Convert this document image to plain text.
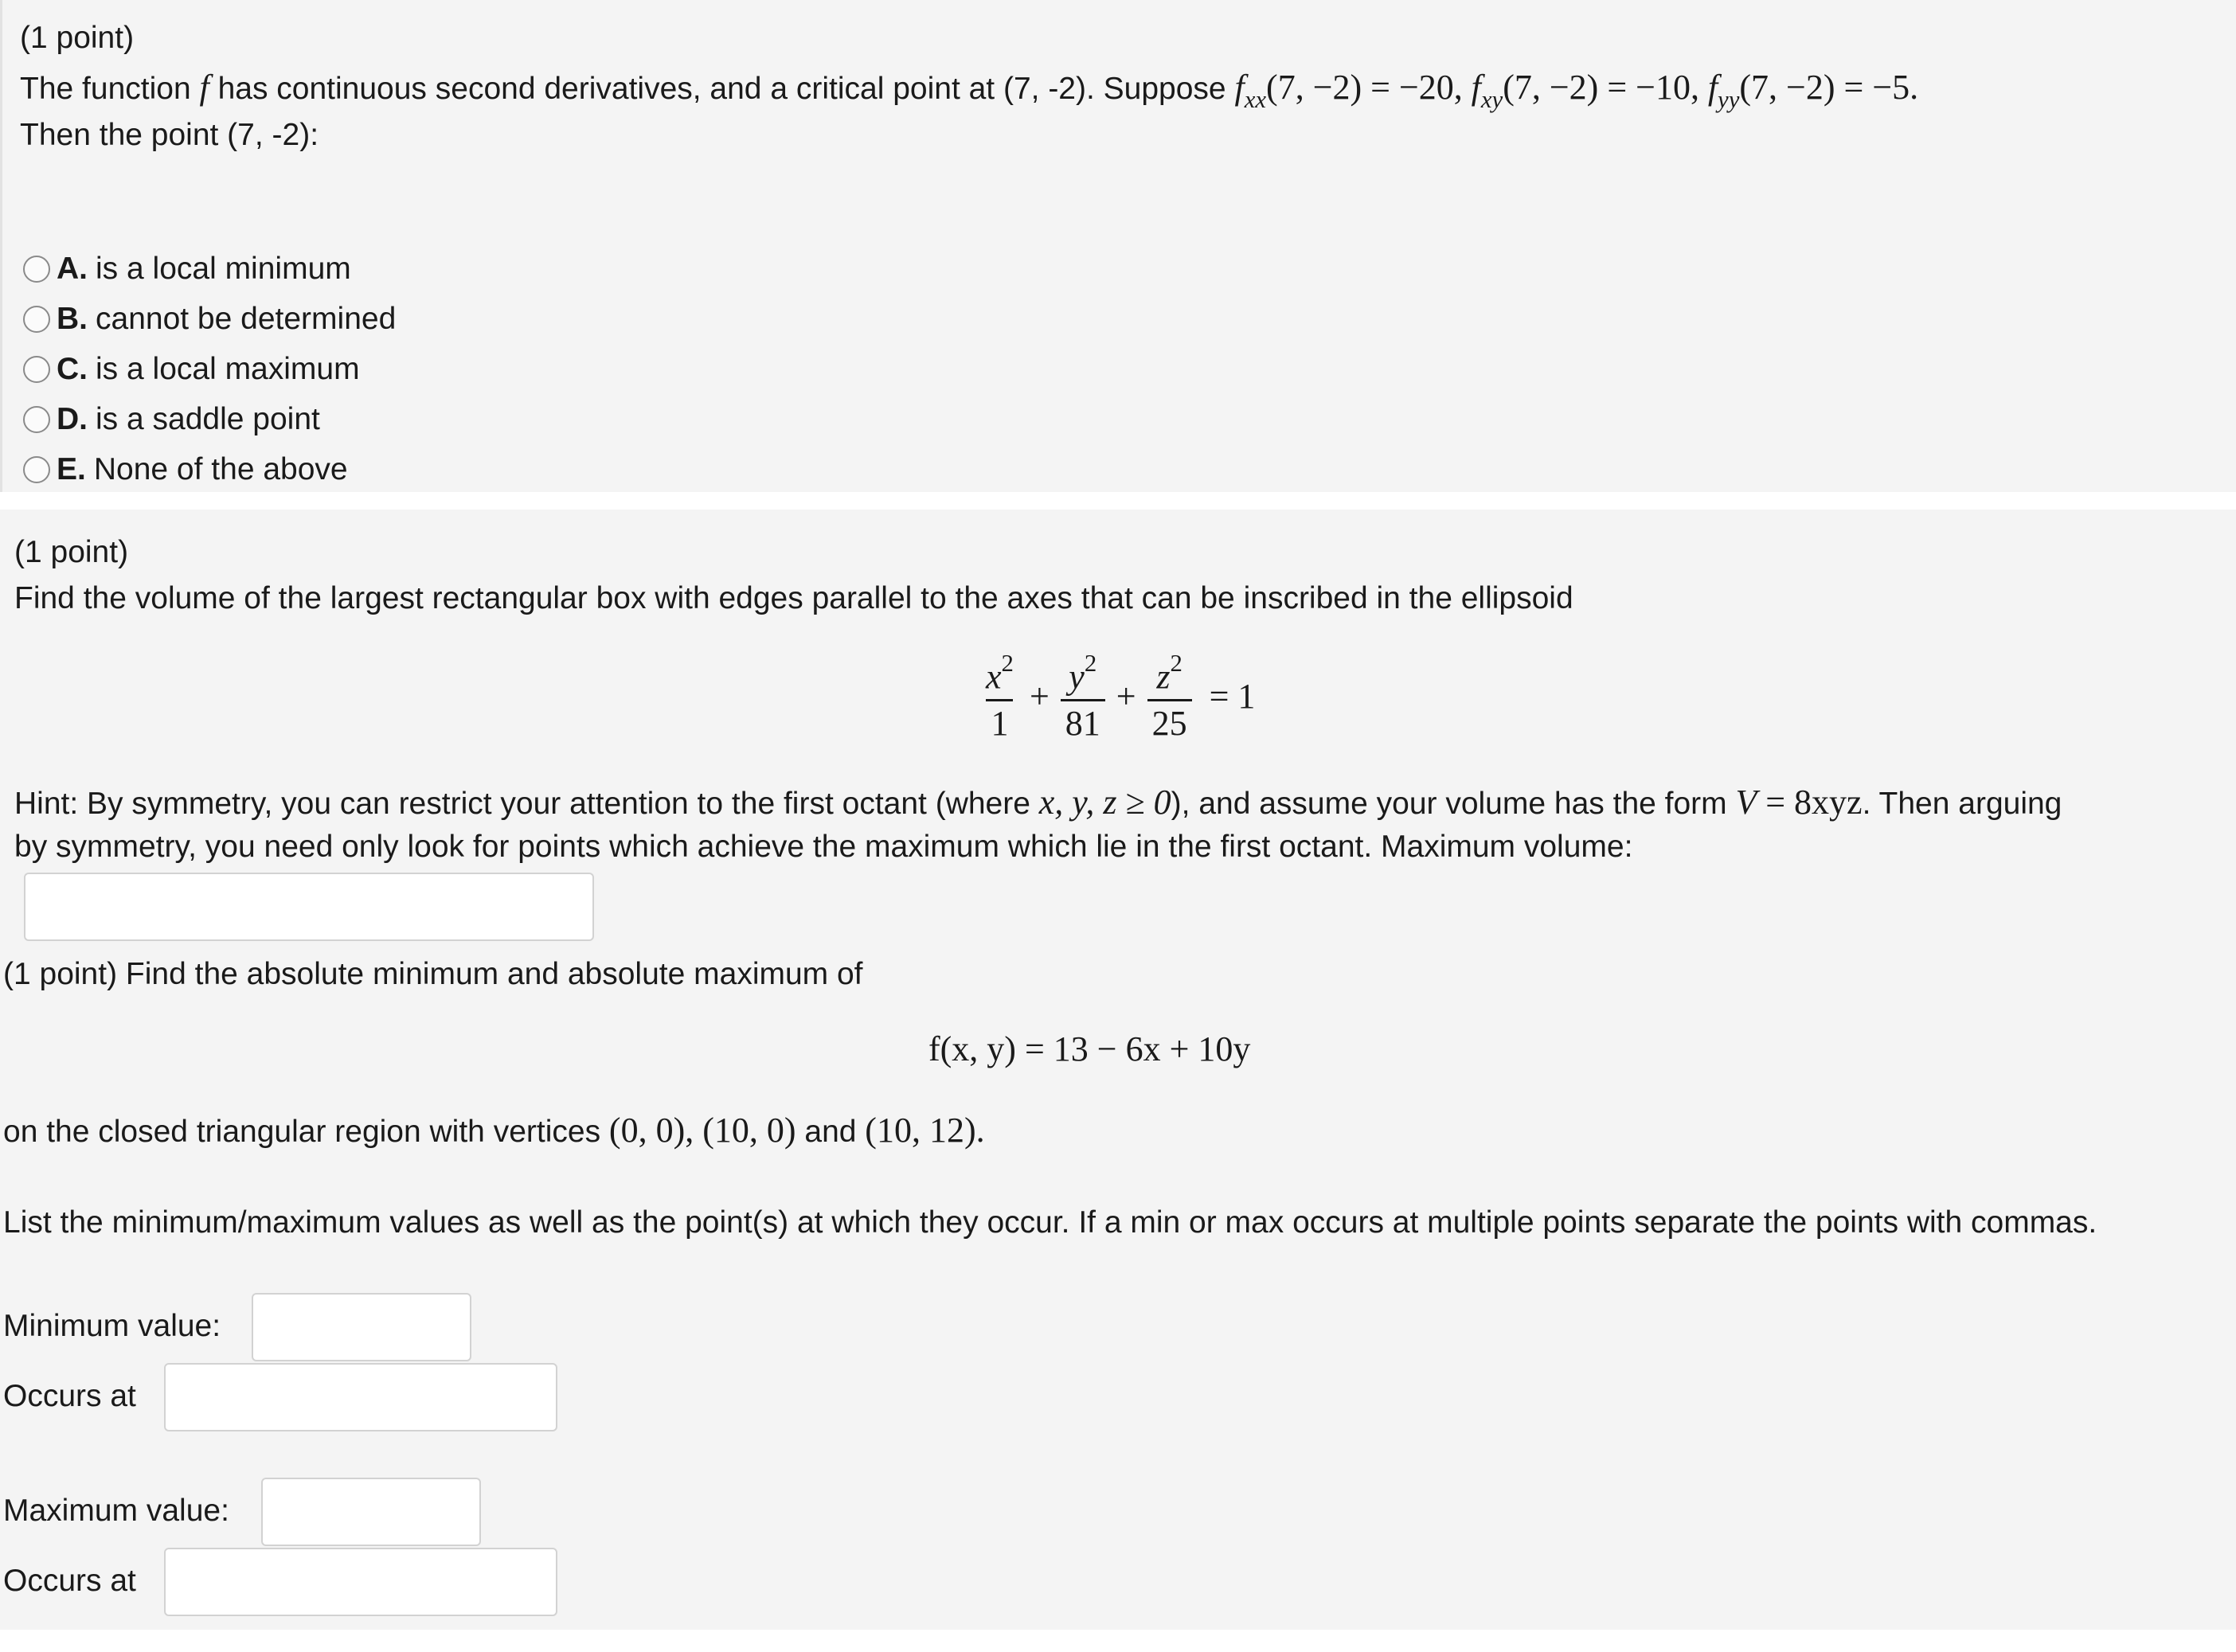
(1 point)
The function f has continuous second derivatives, and a critical point at (7, -2). Suppose $f_{xx}(7$, −2) = −20, $f_{xy}(7$, −2) = −10, $f_{yy}(7$, −2) = −5.
Then the point (7, -2):
A. is a local minimum
B. cannot be determined
C. is a local maximum
D. is a saddle point
E. None of the above
(1 point)
Find the volume of the largest rectangular box with edges parallel to the axes that can be inscribed in the ellipsoid
$\frac{x^2}{1} + \frac{y^2}{81} + \frac{z^2}{25} = 1$
Hint: By symmetry, you can restrict your attention to the first octant (where x, y, z ≥ 0), and assume your volume has the form V = 8xyz. Then arguing
by symmetry, you need only look for points which achieve the maximum which lie in the first octant. Maximum volume:
(1 point) Find the absolute minimum and absolute maximum of
f(x, y) = 13 − 6x + 10y
on the closed triangular region with vertices (0, 0), (10, 0) and (10, 12).
List the minimum/maximum values as well as the point(s) at which they occur. If a min or max occurs at multiple points separate the points with commas.
Minimum value:
Occurs at
Maximum value:
Occurs at
